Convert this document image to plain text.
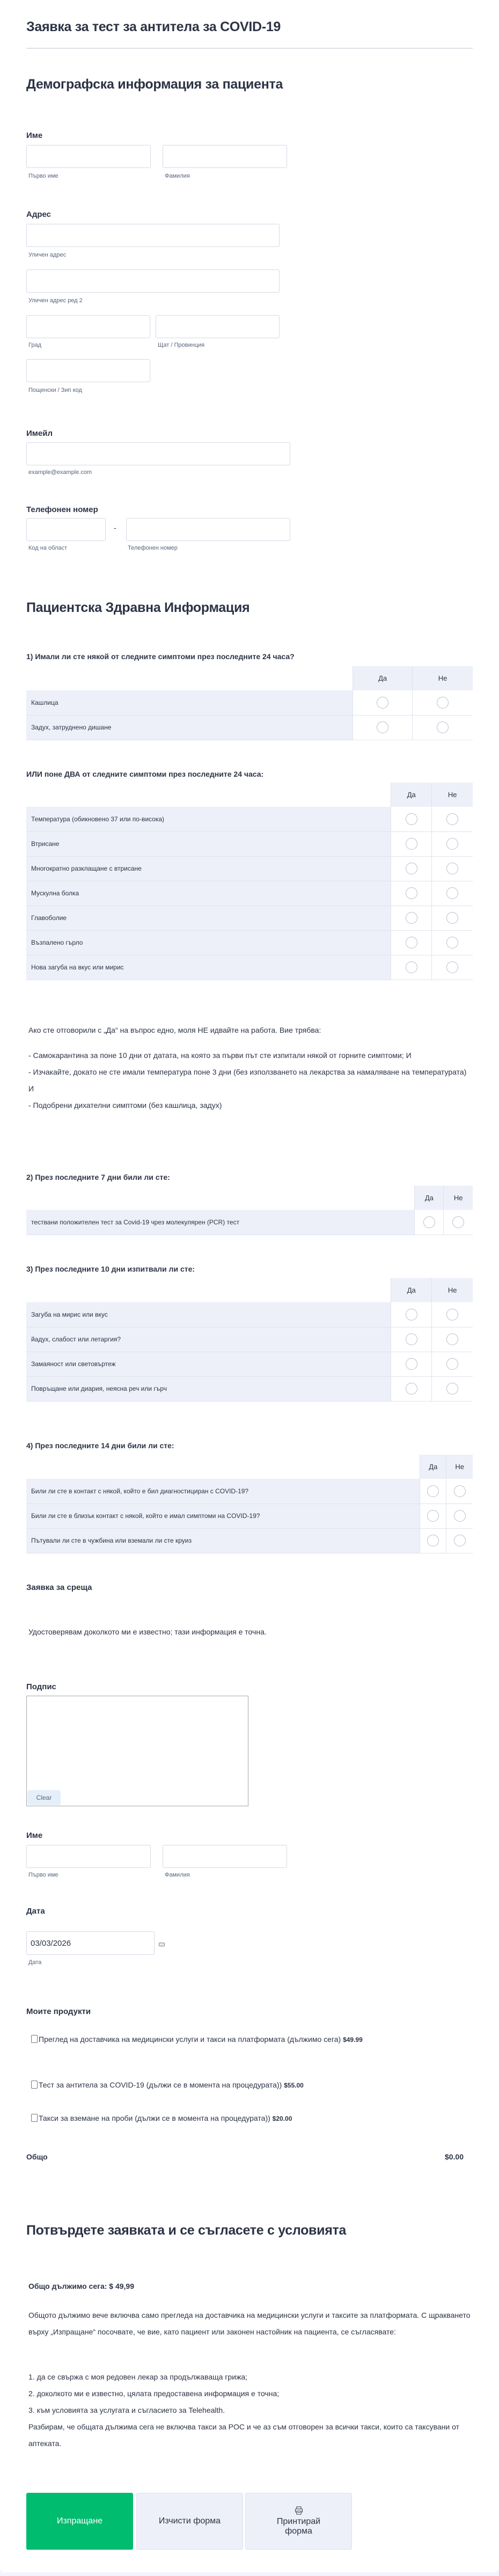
Заявка за тест за антитела за COVID-19
Демографска информация за пациента
Име
Първо име	Фамилия
Адрес
Уличен адрес
Уличен адрес ред 2
Град	Щат / Провинция
Пощенски / Зип код
Имейл
example@example.com
Телефонен номер
-
Код на област	Телефонен номер
Пациентска Здравна Информация
1) Имали ли сте някой от следните симптоми през последните 24 часа?
	Да	Не
Кашлица		
Задух, затруднено дишане		
ИЛИ поне ДВА от следните симптоми през последните 24 часа:
	Да	Не
Температура (обикновено 37 или по-висока)		
Втрисане		
Многократно разклащане с втрисане		
Мускулна болка		
Главоболие		
Възпалено гърло		
Нова загуба на вкус или мирис		
2) През последните 7 дни били ли сте:
	Да	Не
тествани положителен тест за Covid-19 чрез молекулярен (PCR) тест		
3) През последните 10 дни изпитвали ли сте:
	Да	Не
Загуба на мирис или вкус		
йадух, слабост или летаргия?		
Замаяност или световъртеж		
Повръщане или диария, неясна реч или гърч		
4) През последните 14 дни били ли сте:
	Да	Не
Били ли сте в контакт с някой, който е бил диагностициран с COVID-19?		
Били ли сте в близък контакт с някой, който е имал симптоми на COVID-19?		
Пътували ли сте в чужбина или вземали ли сте круиз		
Ако сте отговорили с „Да“ на въпрос едно, моля НЕ идвайте на работа. Вие трябва:
- Самокарантина за поне 10 дни от датата, на която за първи път сте изпитали някой от горните симптоми; И
- Изчакайте, докато не сте имали температура поне 3 дни (без използването на лекарства за намаляване на температурата) И
- Подобрени дихателни симптоми (без кашлица, задух)
Заявка за среща
Удостоверявам доколкото ми е известно; тази информация е точна.
Подпис
Clear
Име
Първо име	Фамилия
Дата
03/03/2026
Дата
Моите продукти
Преглед на доставчика на медицински услуги и такси на платформата (дължимо сега) $49.99
Тест за антитела за COVID-19 (дължи се в момента на процедурата)) $55.00
Такси за вземане на проби (дължи се в момента на процедурата)) $20.00
Общо	$0.00
Потвърдете заявката и се съгласете с условията
Общо дължимо сега: $ 49,99
Общото дължимо вече включва само прегледа на доставчика на медицински услуги и таксите за платформата. С щракването върху „Изпращане“ посочвате, че вие, като пациент или законен настойник на пациента, се съгласявате:
1. да се свържа с моя редовен лекар за продължаваща грижа;
2. доколкото ми е известно, цялата предоставена информация е точна;
3. към условията за услугата и съгласието за Telehealth.
Разбирам, че общата дължима сега не включва такси за POC и че аз съм отговорен за всички такси, които са таксувани от аптеката.
Изпращане	Изчисти форма	Принтирай форма
